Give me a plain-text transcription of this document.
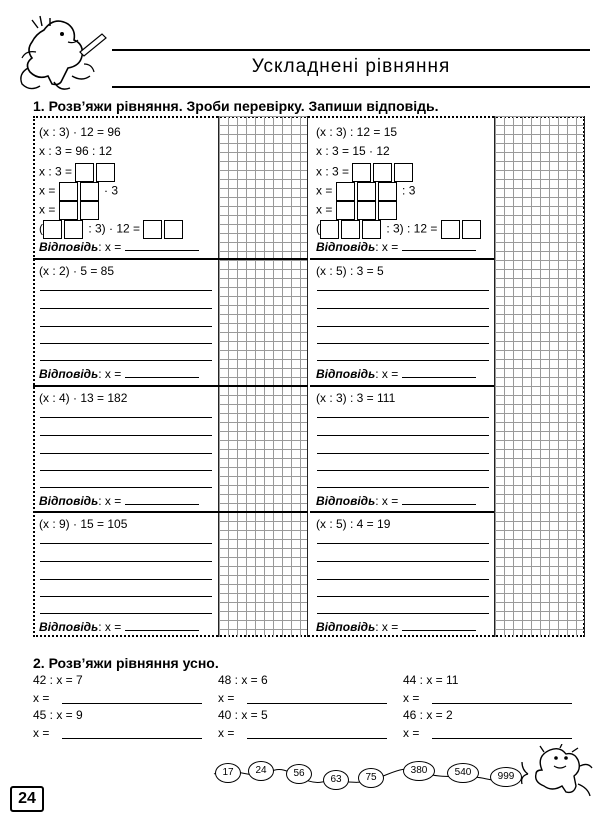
Ускладнені рівняння
1. Розв’яжи рівняння. Зроби перевірку. Запиши відповідь.
(x : 3) · 12 = 96
x : 3 = 96 : 12
x : 3 =
x =	· 3
x =
(	: 3) · 12 =
Відповідь: x =
(x : 3) : 12 = 15
x : 3 = 15 · 12
x : 3 =
x =	: 3
x =
(	: 3) : 12 =
Відповідь: x =
(x : 2) · 5 = 85
(x : 4) · 13 = 182
(x : 9) · 15 = 105
(x : 5) : 3 = 5
(x : 3) : 3 = 111
(x : 5) : 4 = 19
Відповідь: x =
Відповідь: x =
Відповідь: x =
Відповідь: x =
Відповідь: x =
Відповідь: x =
2. Розв’яжи рівняння усно.
42 : x = 7	48 : x = 6	44 : x = 11
x =	x =	x =
45 : x = 9	40 : x = 5	46 : x = 2
x =	x =	x =
24
17	24	56
63	75
380	540	999
